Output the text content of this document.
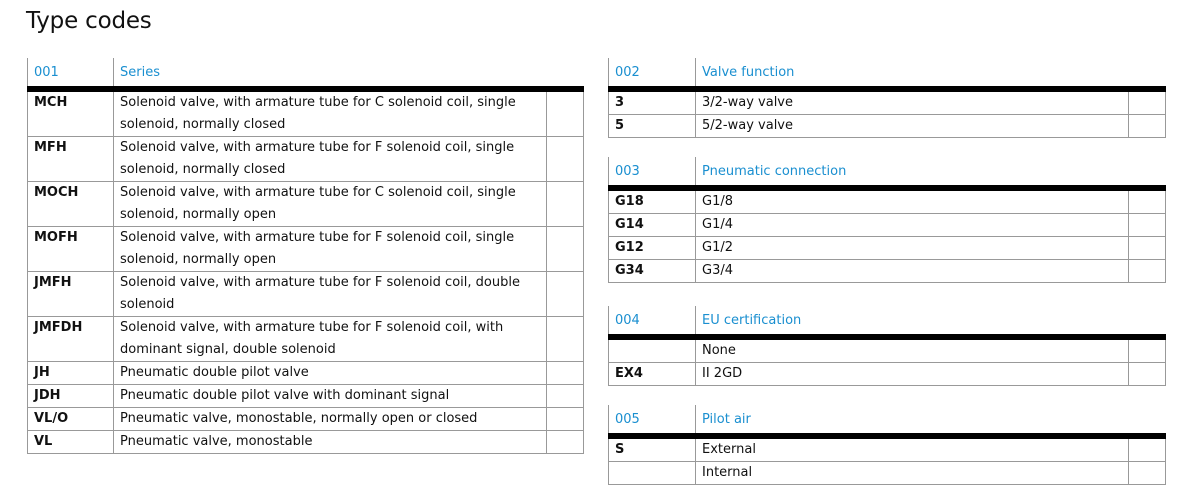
Type codes
001	Series	
MCH	Solenoid valve, with armature tube for C solenoid coil, single solenoid, normally closed	
MFH	Solenoid valve, with armature tube for F solenoid coil, single solenoid, normally closed	
MOCH	Solenoid valve, with armature tube for C solenoid coil, single solenoid, normally open	
MOFH	Solenoid valve, with armature tube for F solenoid coil, single solenoid, normally open	
JMFH	Solenoid valve, with armature tube for F solenoid coil, double solenoid	
JMFDH	Solenoid valve, with armature tube for F solenoid coil, with dominant signal, double solenoid	
JH	Pneumatic double pilot valve	
JDH	Pneumatic double pilot valve with dominant signal	
VL/O	Pneumatic valve, monostable, normally open or closed	
VL	Pneumatic valve, monostable	
002	Valve function	
3	3/2-way valve	
5	5/2-way valve	
003	Pneumatic connection	
G18	G1/8	
G14	G1/4	
G12	G1/2	
G34	G3/4	
004	EU certification	
	None	
EX4	II 2GD	
005	Pilot air	
S	External	
	Internal	
